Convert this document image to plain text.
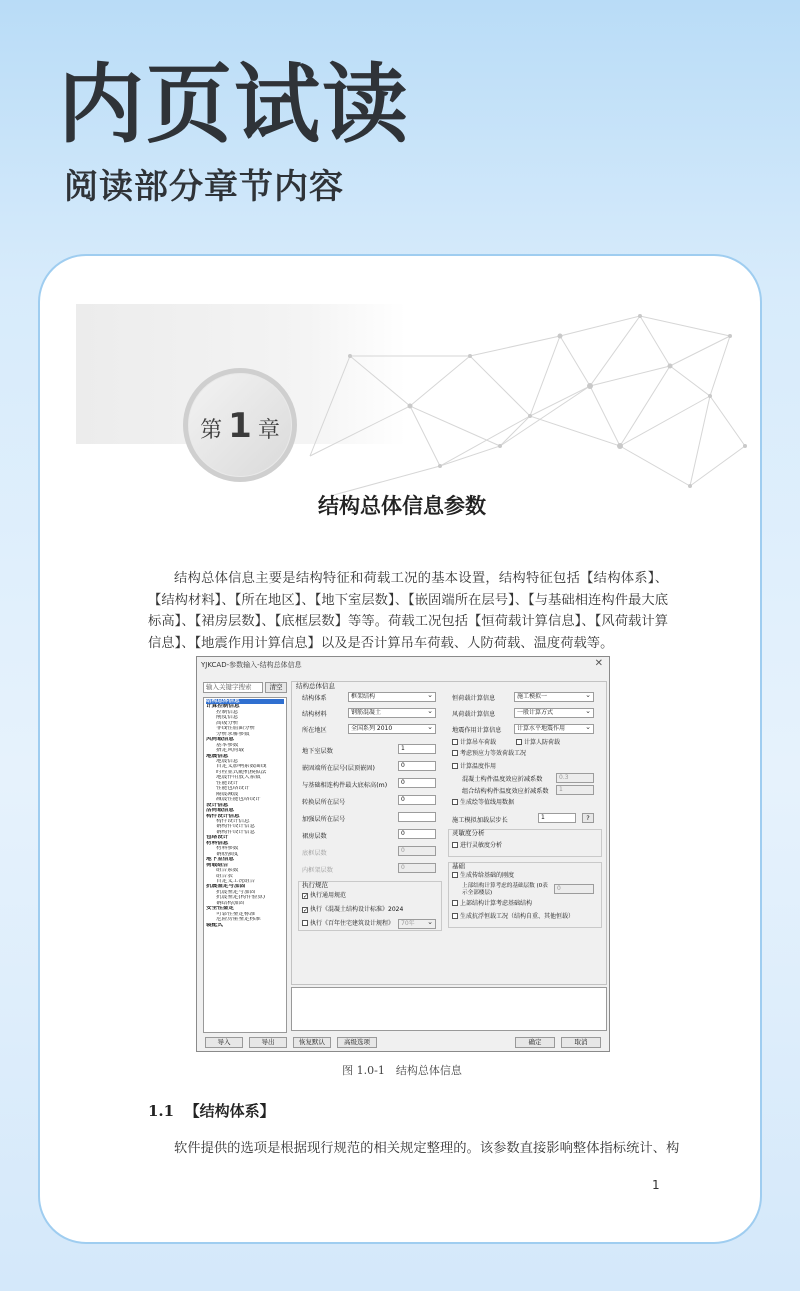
内页试读
阅读部分章节内容
第 1 章
结构总体信息参数

结构总体信息主要是结构特征和荷载工况的基本设置，结构特征包括【结构体系】、【结构材料】、【所在地区】、【地下室层数】、【嵌固端所在层号】、【与基础相连构件最大底标高】、【裙房层数】、【底框层数】等等。荷载工况包括【恒荷载计算信息】、【风荷载计算信息】、【地震作用计算信息】以及是否计算吊车荷载、人防荷载、温度荷载等。

YJKCAD-参数输入-结构总体信息	✕
输入关键字搜索	清空
结构总体信息
计算控制信息
控制信息
刚度信息
高级分析
非线性屈曲分析
分析求解参数
风荷载信息
基本参数
指定风荷载
地震信息
地震信息
自定义影响系数曲线
时程显式随机模拟法
地震作用放大系数
性能设计
性能包络设计
隔震减震
减震性能包络设计
设计信息
活荷载信息
构件设计信息
构件设计信息
钢构件设计信息
钢构件设计信息
包络设计
材料信息
材料参数
钢筋强度
地下室信息
荷载组合
组合系数
组合表
自定义工况组合
抗震鉴定与加固
抗震鉴定与加固
抗震鉴定(构件验算)
钢结构加固
安全性鉴定
可靠性鉴定标准
危险房屋鉴定标准
装配式
结构总体信息
结构体系	框架结构 ⌄
结构材料	钢筋混凝土 ⌄
所在地区	全国系列 2010 ⌄
地下室层数	1
嵌固端所在层号(层顶嵌固)	0
与基础相连构件最大底标高(m)	0
转换层所在层号	0
加强层所在层号
裙房层数	0
底框层数	0
内框架层数	0
执行规范
✓ 执行通用规范
✓ 执行《混凝土结构设计标准》2024
执行《百年住宅建筑设计规程》	70年 ⌄
恒荷载计算信息	施工模拟一 ⌄
风荷载计算信息	一般计算方式 ⌄
地震作用计算信息	计算水平地震作用 ⌄
计算吊车荷载	计算人防荷载
考虑预应力等效荷载工况
计算温度作用
混凝土构件温度效应折减系数	0.3
组合结构构件温度效应折减系数	1
生成绘等值线用数据
施工模拟加载层步长	1	?
灵敏度分析
进行灵敏度分析
基础
生成传给基础的刚度
上部结构计算考虑的基础层数 (0表示全部楼层)
0
上部结构计算考虑基础结构
生成抗浮恒载工况（结构自重、其他恒载）
导入	导出	恢复默认	高级选项	确定	取消
图 1.0-1　结构总体信息
1.1 【结构体系】

软件提供的选项是根据现行规范的相关规定整理的。该参数直接影响整体指标统计、构

1
